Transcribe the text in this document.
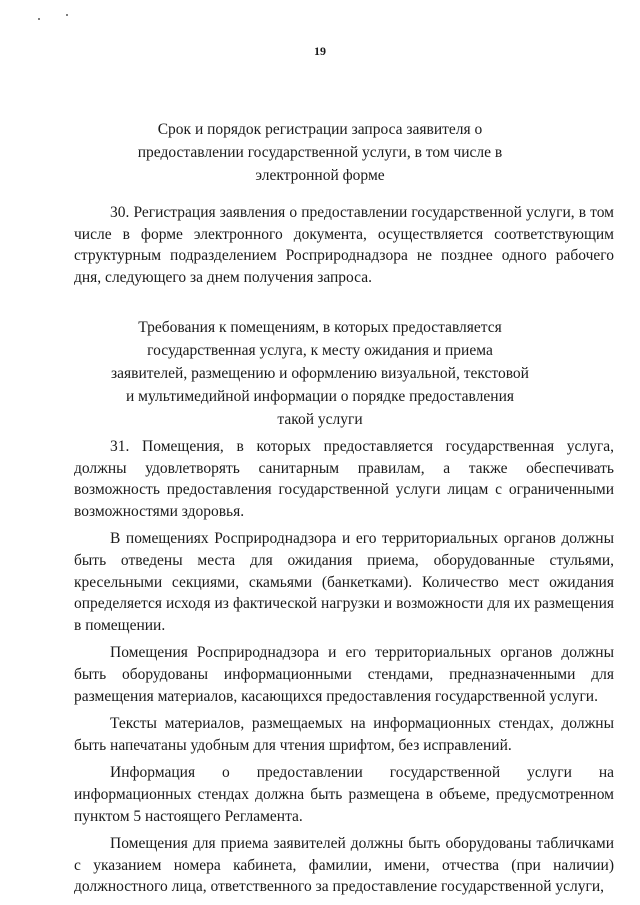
19
Срок и порядок регистрации запроса заявителя о
предоставлении государственной услуги, в том числе в
электронной форме
30. Регистрация заявления о предоставлении государственной услуги, в том числе в форме электронного документа, осуществляется соответствующим структурным подразделением Росприроднадзора не позднее одного рабочего дня, следующего за днем получения запроса.
Требования к помещениям, в которых предоставляется
государственная услуга, к месту ожидания и приема
заявителей, размещению и оформлению визуальной, текстовой
и мультимедийной информации о порядке предоставления
такой услуги

31. Помещения, в которых предоставляется государственная услуга, должны удовлетворять санитарным правилам, а также обеспечивать возможность предоставления государственной услуги лицам с ограниченными возможностями здоровья.

В помещениях Росприроднадзора и его территориальных органов должны быть отведены места для ожидания приема, оборудованные стульями, кресельными секциями, скамьями (банкетками). Количество мест ожидания определяется исходя из фактической нагрузки и возможности для их размещения в помещении.

Помещения Росприроднадзора и его территориальных органов должны быть оборудованы информационными стендами, предназначенными для размещения материалов, касающихся предоставления государственной услуги.

Тексты материалов, размещаемых на информационных стендах, должны быть напечатаны удобным для чтения шрифтом, без исправлений.

Информация о предоставлении государственной услуги на информационных стендах должна быть размещена в объеме, предусмотренном пунктом 5 настоящего Регламента.

Помещения для приема заявителей должны быть оборудованы табличками с указанием номера кабинета, фамилии, имени, отчества (при наличии) должностного лица, ответственного за предоставление государственной услуги,
